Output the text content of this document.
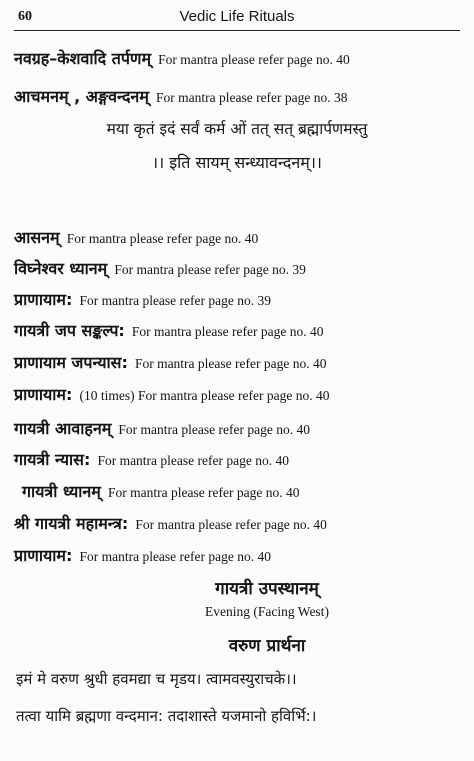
60	Vedic Life Rituals
नवग्रह–केशवादि तर्पणम् For mantra please refer page no. 40
आचमनम् , अङ्गवन्दनम् For mantra please refer page no. 38
मया कृतं इदं सर्वं कर्म ओं तत् सत् ब्रह्मार्पणमस्तु
।। इति सायम् सन्ध्यावन्दनम्।।
आसनम् For mantra please refer page no. 40
विघ्नेश्वर ध्यानम् For mantra please refer page no. 39
प्राणायाम: For mantra please refer page no. 39
गायत्री जप सङ्कल्प: For mantra please refer page no. 40
प्राणायाम जपन्यास: For mantra please refer page no. 40
प्राणायाम: (10 times) For mantra please refer page no. 40
गायत्री आवाहनम् For mantra please refer page no. 40
गायत्री न्यास: For mantra please refer page no. 40
गायत्री ध्यानम् For mantra please refer page no. 40
श्री गायत्री महामन्त्र: For mantra please refer page no. 40
प्राणायाम: For mantra please refer page no. 40
गायत्री उपस्थानम्
Evening (Facing West)
वरुण प्रार्थना
इमं मे वरुण श्रुधी हवमद्या च मृडय। त्वामवस्युराचके।।
तत्वा यामि ब्रह्मणा वन्दमान: तदाशास्ते यजमानो हविर्भि:।
